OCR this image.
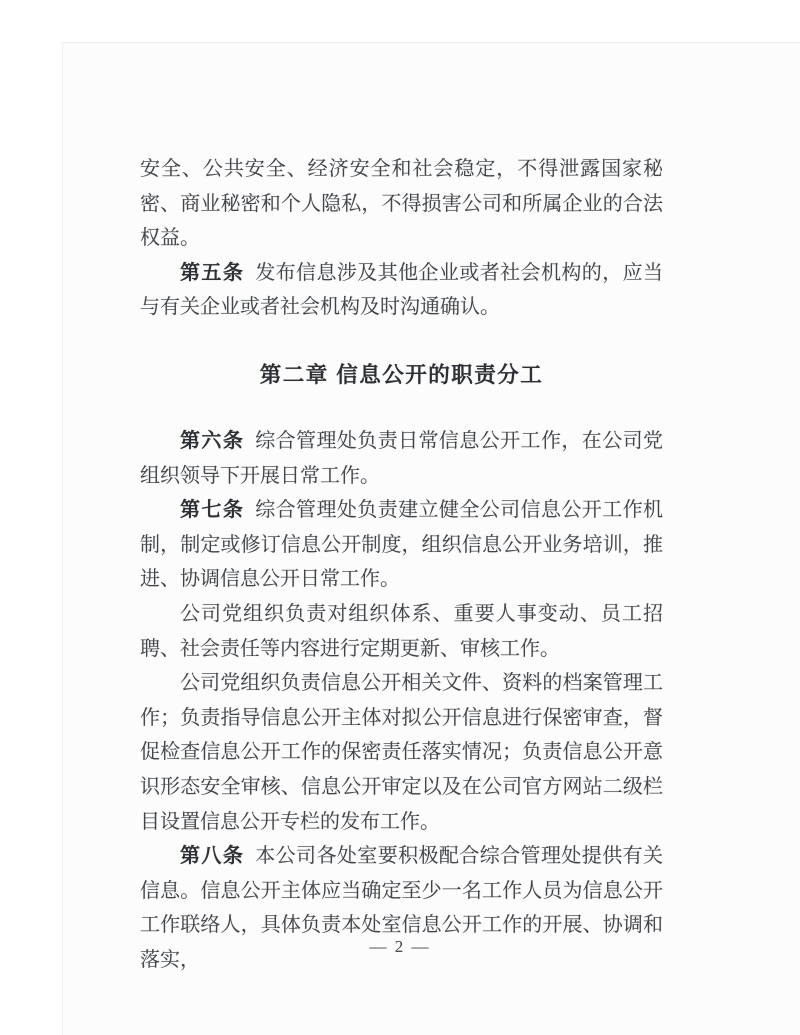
安全、公共安全、经济安全和社会稳定，不得泄露国家秘密、商业秘密和个人隐私，不得损害公司和所属企业的合法权益。

第五条 发布信息涉及其他企业或者社会机构的，应当与有关企业或者社会机构及时沟通确认。

第二章 信息公开的职责分工

第六条 综合管理处负责日常信息公开工作，在公司党组织领导下开展日常工作。

第七条 综合管理处负责建立健全公司信息公开工作机制，制定或修订信息公开制度，组织信息公开业务培训，推进、协调信息公开日常工作。

公司党组织负责对组织体系、重要人事变动、员工招聘、社会责任等内容进行定期更新、审核工作。

公司党组织负责信息公开相关文件、资料的档案管理工作；负责指导信息公开主体对拟公开信息进行保密审查，督促检查信息公开工作的保密责任落实情况；负责信息公开意识形态安全审核、信息公开审定以及在公司官方网站二级栏目设置信息公开专栏的发布工作。

第八条 本公司各处室要积极配合综合管理处提供有关信息。信息公开主体应当确定至少一名工作人员为信息公开工作联络人，具体负责本处室信息公开工作的开展、协调和落实，

— 2 —
